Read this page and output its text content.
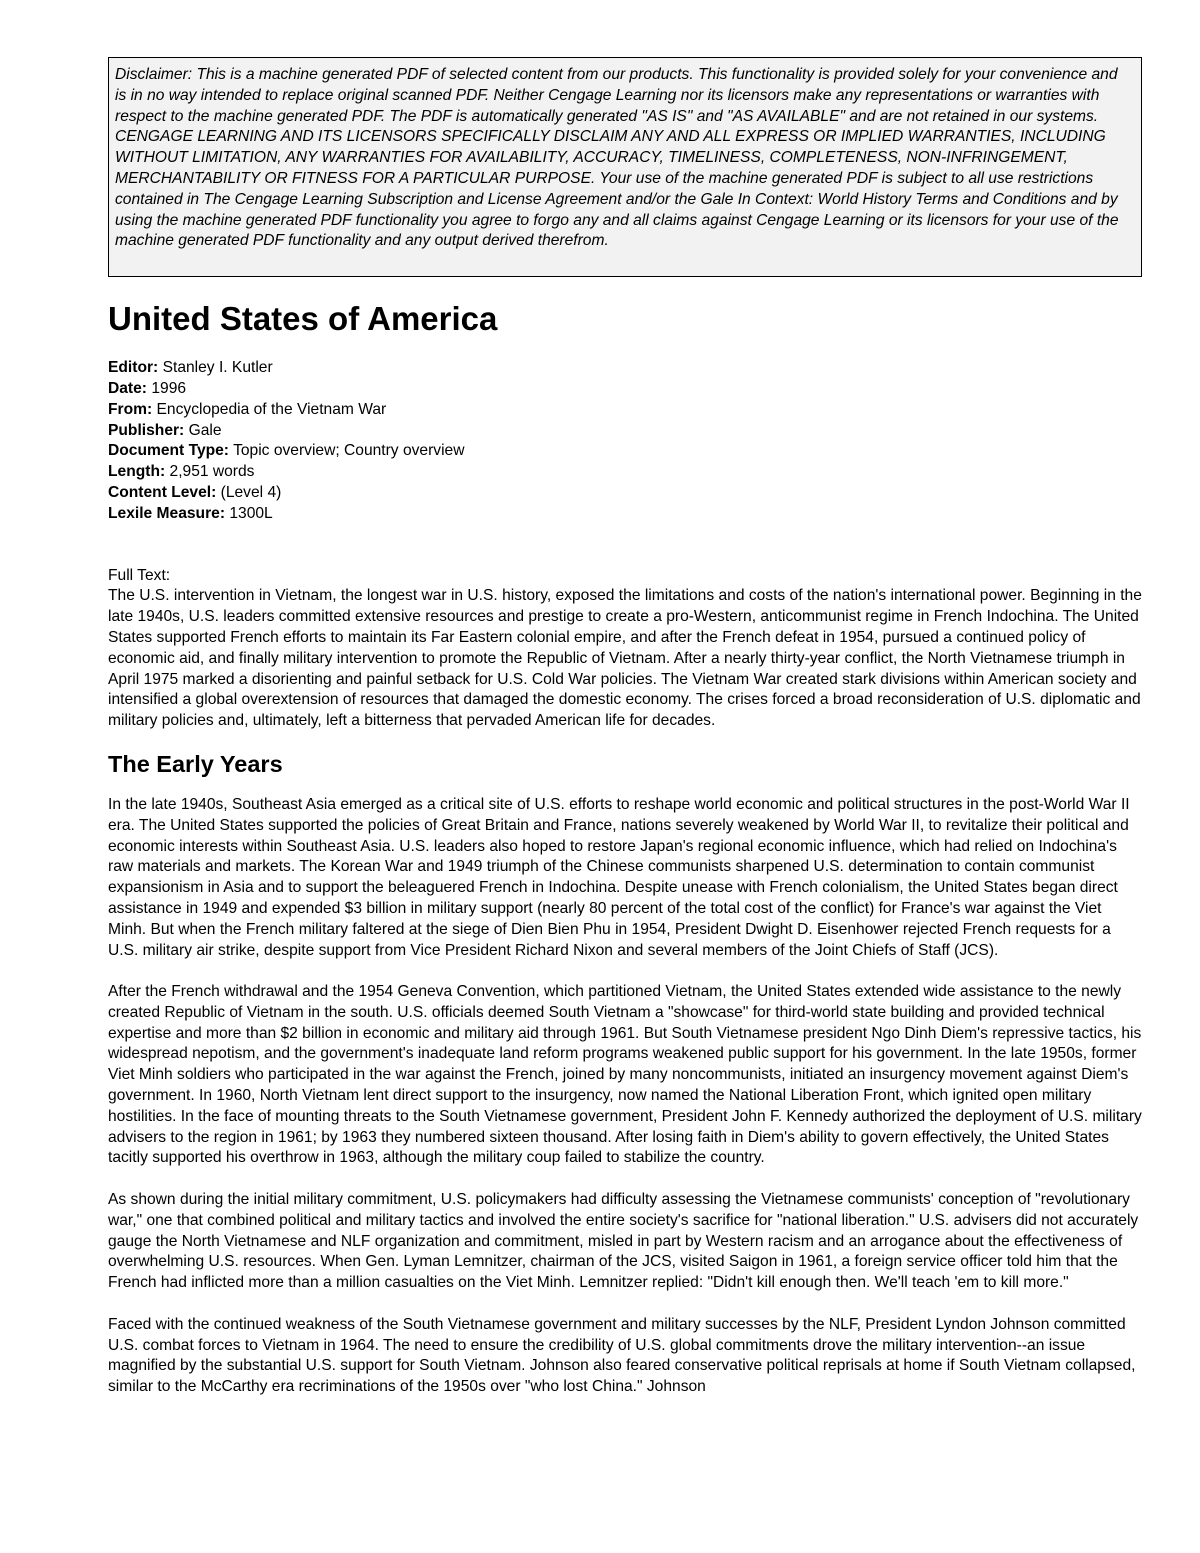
Disclaimer: This is a machine generated PDF of selected content from our products. This functionality is provided solely for your convenience and is in no way intended to replace original scanned PDF. Neither Cengage Learning nor its licensors make any representations or warranties with respect to the machine generated PDF. The PDF is automatically generated "AS IS" and "AS AVAILABLE" and are not retained in our systems. CENGAGE LEARNING AND ITS LICENSORS SPECIFICALLY DISCLAIM ANY AND ALL EXPRESS OR IMPLIED WARRANTIES, INCLUDING WITHOUT LIMITATION, ANY WARRANTIES FOR AVAILABILITY, ACCURACY, TIMELINESS, COMPLETENESS, NON-INFRINGEMENT, MERCHANTABILITY OR FITNESS FOR A PARTICULAR PURPOSE. Your use of the machine generated PDF is subject to all use restrictions contained in The Cengage Learning Subscription and License Agreement and/or the Gale In Context: World History Terms and Conditions and by using the machine generated PDF functionality you agree to forgo any and all claims against Cengage Learning or its licensors for your use of the machine generated PDF functionality and any output derived therefrom.
United States of America
Editor: Stanley I. Kutler
Date: 1996
From: Encyclopedia of the Vietnam War
Publisher: Gale
Document Type: Topic overview; Country overview
Length: 2,951 words
Content Level: (Level 4)
Lexile Measure: 1300L
Full Text:

The U.S. intervention in Vietnam, the longest war in U.S. history, exposed the limitations and costs of the nation's international power. Beginning in the late 1940s, U.S. leaders committed extensive resources and prestige to create a pro-Western, anticommunist regime in French Indochina. The United States supported French efforts to maintain its Far Eastern colonial empire, and after the French defeat in 1954, pursued a continued policy of economic aid, and finally military intervention to promote the Republic of Vietnam. After a nearly thirty-year conflict, the North Vietnamese triumph in April 1975 marked a disorienting and painful setback for U.S. Cold War policies. The Vietnam War created stark divisions within American society and intensified a global overextension of resources that damaged the domestic economy. The crises forced a broad reconsideration of U.S. diplomatic and military policies and, ultimately, left a bitterness that pervaded American life for decades.

The Early Years

In the late 1940s, Southeast Asia emerged as a critical site of U.S. efforts to reshape world economic and political structures in the post-World War II era. The United States supported the policies of Great Britain and France, nations severely weakened by World War II, to revitalize their political and economic interests within Southeast Asia. U.S. leaders also hoped to restore Japan's regional economic influence, which had relied on Indochina's raw materials and markets. The Korean War and 1949 triumph of the Chinese communists sharpened U.S. determination to contain communist expansionism in Asia and to support the beleaguered French in Indochina. Despite unease with French colonialism, the United States began direct assistance in 1949 and expended $3 billion in military support (nearly 80 percent of the total cost of the conflict) for France's war against the Viet Minh. But when the French military faltered at the siege of Dien Bien Phu in 1954, President Dwight D. Eisenhower rejected French requests for a U.S. military air strike, despite support from Vice President Richard Nixon and several members of the Joint Chiefs of Staff (JCS).

After the French withdrawal and the 1954 Geneva Convention, which partitioned Vietnam, the United States extended wide assistance to the newly created Republic of Vietnam in the south. U.S. officials deemed South Vietnam a "showcase" for third-world state building and provided technical expertise and more than $2 billion in economic and military aid through 1961. But South Vietnamese president Ngo Dinh Diem's repressive tactics, his widespread nepotism, and the government's inadequate land reform programs weakened public support for his government. In the late 1950s, former Viet Minh soldiers who participated in the war against the French, joined by many noncommunists, initiated an insurgency movement against Diem's government. In 1960, North Vietnam lent direct support to the insurgency, now named the National Liberation Front, which ignited open military hostilities. In the face of mounting threats to the South Vietnamese government, President John F. Kennedy authorized the deployment of U.S. military advisers to the region in 1961; by 1963 they numbered sixteen thousand. After losing faith in Diem's ability to govern effectively, the United States tacitly supported his overthrow in 1963, although the military coup failed to stabilize the country.

As shown during the initial military commitment, U.S. policymakers had difficulty assessing the Vietnamese communists' conception of "revolutionary war," one that combined political and military tactics and involved the entire society's sacrifice for "national liberation." U.S. advisers did not accurately gauge the North Vietnamese and NLF organization and commitment, misled in part by Western racism and an arrogance about the effectiveness of overwhelming U.S. resources. When Gen. Lyman Lemnitzer, chairman of the JCS, visited Saigon in 1961, a foreign service officer told him that the French had inflicted more than a million casualties on the Viet Minh. Lemnitzer replied: "Didn't kill enough then. We'll teach 'em to kill more."

Faced with the continued weakness of the South Vietnamese government and military successes by the NLF, President Lyndon Johnson committed U.S. combat forces to Vietnam in 1964. The need to ensure the credibility of U.S. global commitments drove the military intervention--an issue magnified by the substantial U.S. support for South Vietnam. Johnson also feared conservative political reprisals at home if South Vietnam collapsed, similar to the McCarthy era recriminations of the 1950s over "who lost China." Johnson
